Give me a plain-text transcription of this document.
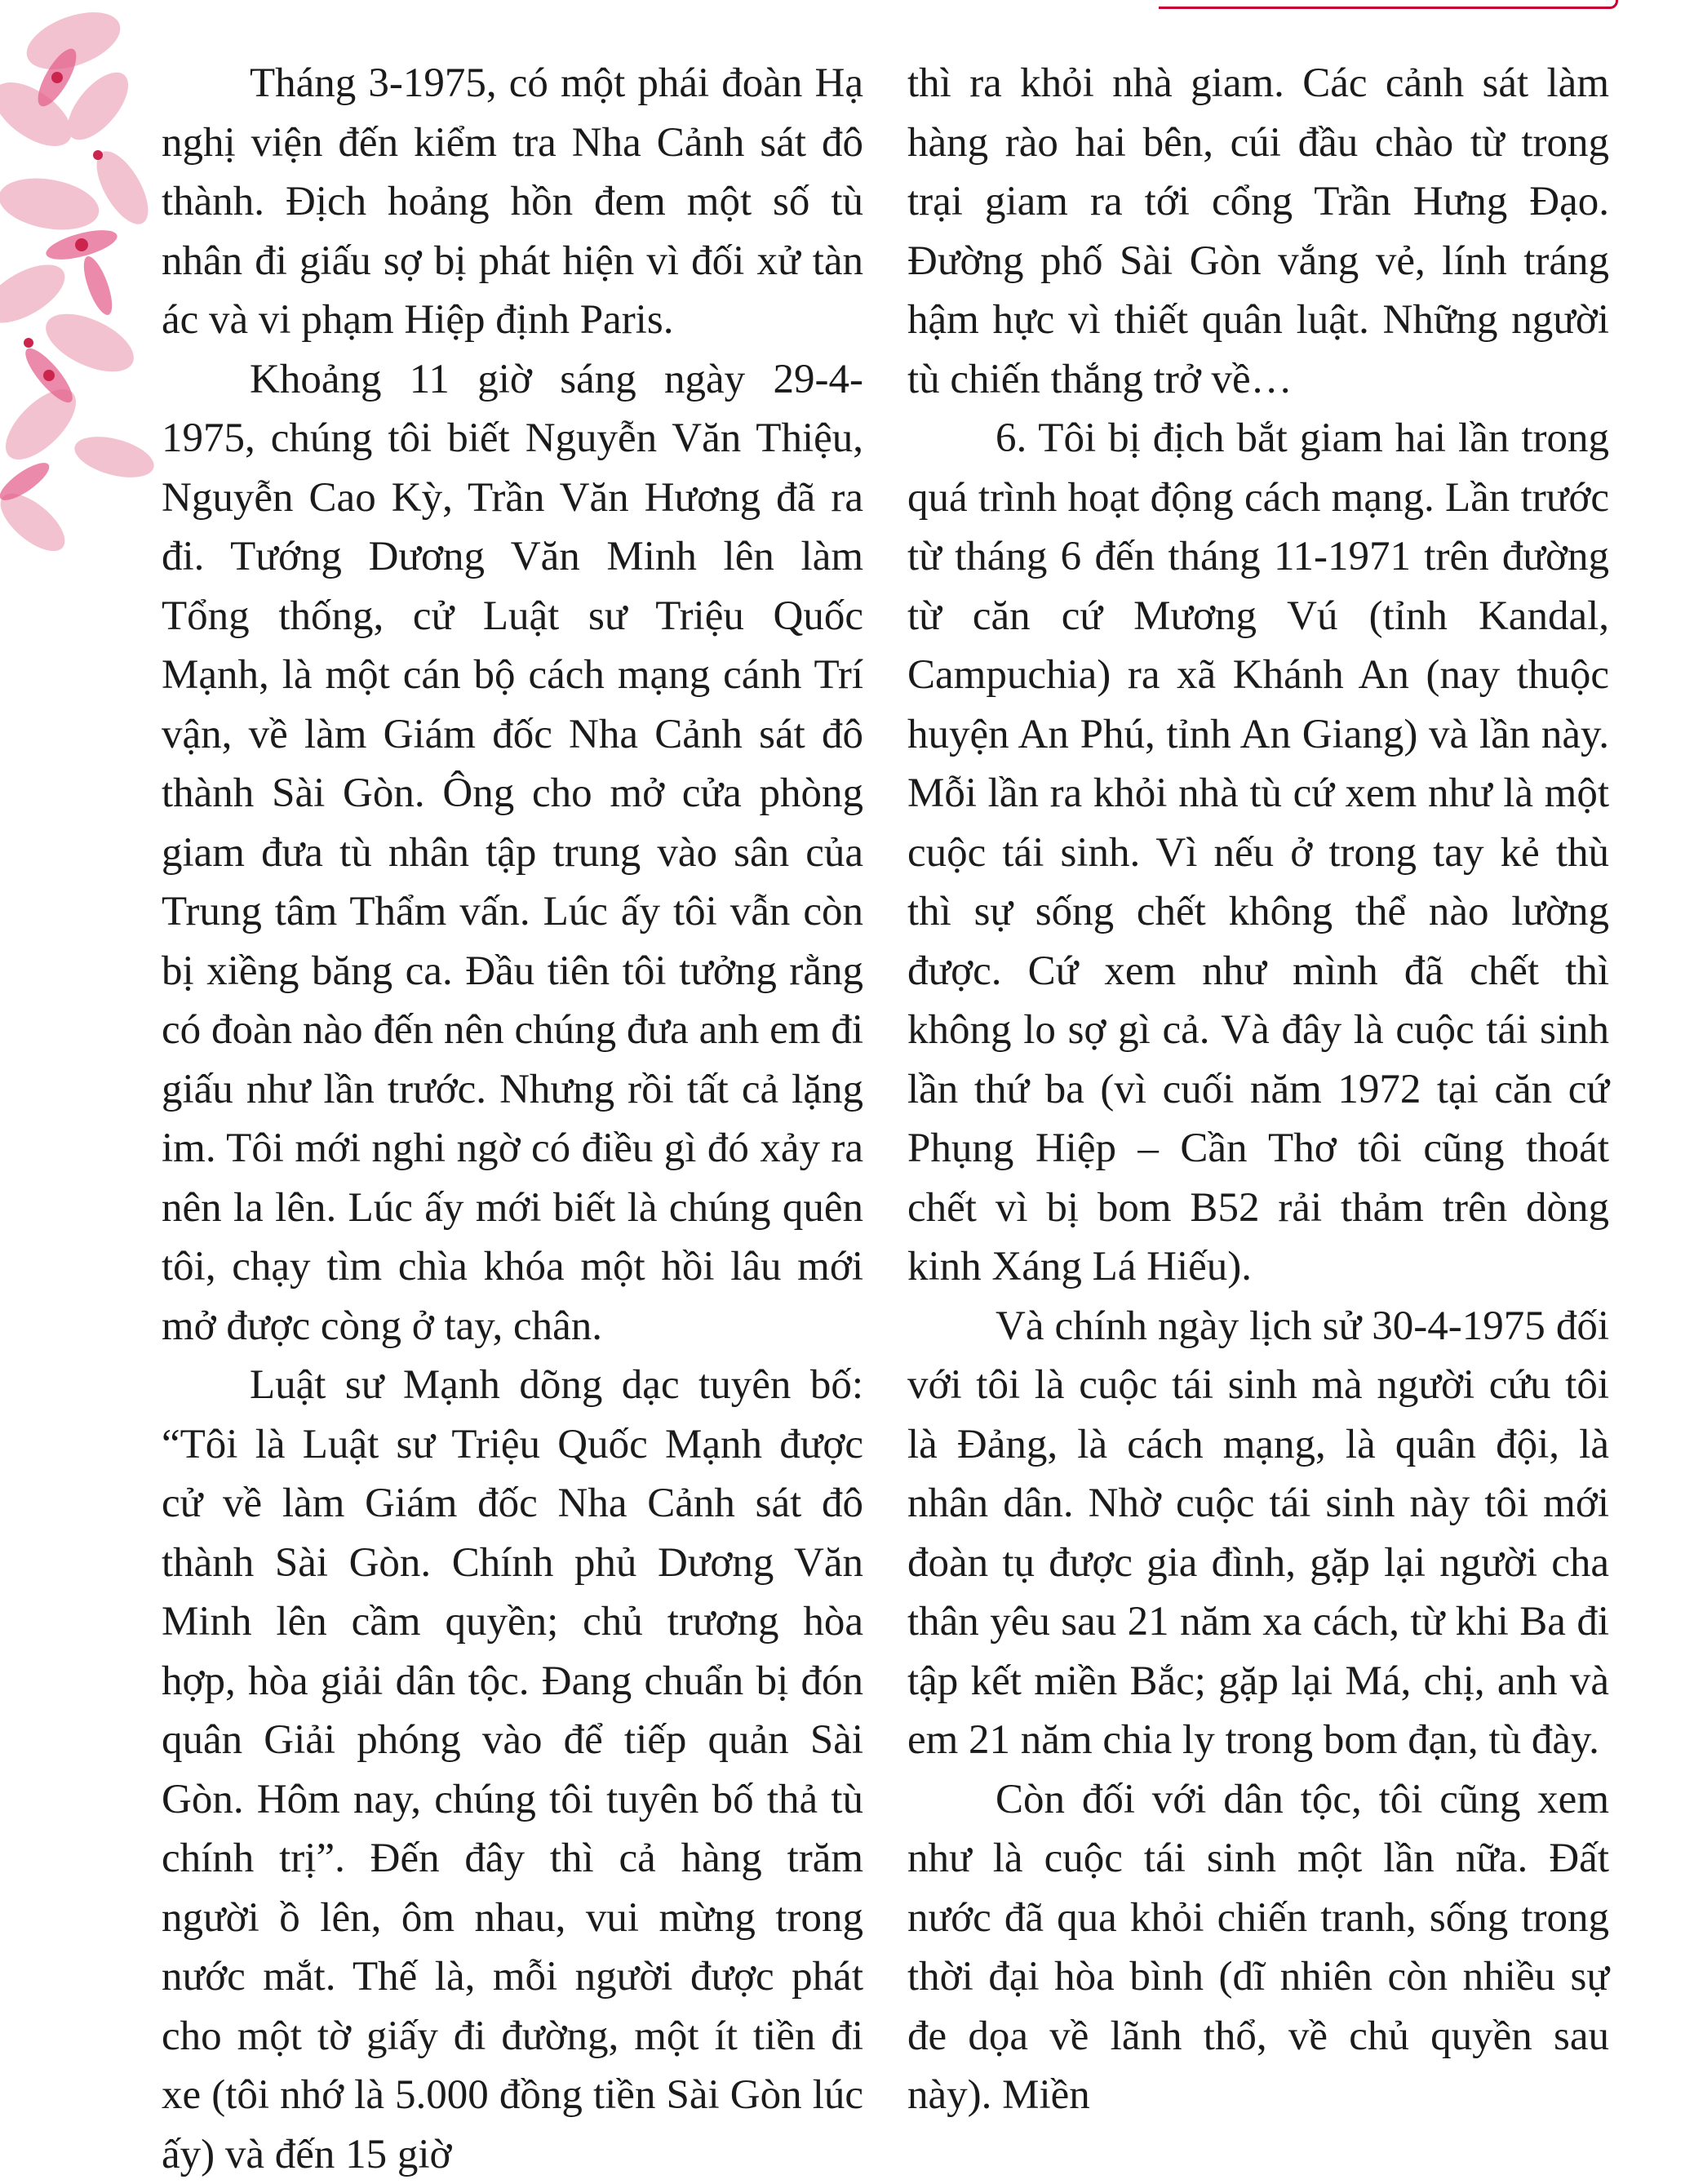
Tháng 3-1975, có một phái đoàn Hạ nghị viện đến kiểm tra Nha Cảnh sát đô thành. Địch hoảng hồn đem một số tù nhân đi giấu sợ bị phát hiện vì đối xử tàn ác và vi phạm Hiệp định Paris.

Khoảng 11 giờ sáng ngày 29-4-1975, chúng tôi biết Nguyễn Văn Thiệu, Nguyễn Cao Kỳ, Trần Văn Hương đã ra đi. Tướng Dương Văn Minh lên làm Tổng thống, cử Luật sư Triệu Quốc Mạnh, là một cán bộ cách mạng cánh Trí vận, về làm Giám đốc Nha Cảnh sát đô thành Sài Gòn. Ông cho mở cửa phòng giam đưa tù nhân tập trung vào sân của Trung tâm Thẩm vấn. Lúc ấy tôi vẫn còn bị xiềng băng ca. Đầu tiên tôi tưởng rằng có đoàn nào đến nên chúng đưa anh em đi giấu như lần trước. Nhưng rồi tất cả lặng im. Tôi mới nghi ngờ có điều gì đó xảy ra nên la lên. Lúc ấy mới biết là chúng quên tôi, chạy tìm chìa khóa một hồi lâu mới mở được còng ở tay, chân.

Luật sư Mạnh dõng dạc tuyên bố: “Tôi là Luật sư Triệu Quốc Mạnh được cử về làm Giám đốc Nha Cảnh sát đô thành Sài Gòn. Chính phủ Dương Văn Minh lên cầm quyền; chủ trương hòa hợp, hòa giải dân tộc. Đang chuẩn bị đón quân Giải phóng vào để tiếp quản Sài Gòn. Hôm nay, chúng tôi tuyên bố thả tù chính trị”. Đến đây thì cả hàng trăm người ồ lên, ôm nhau, vui mừng trong nước mắt. Thế là, mỗi người được phát cho một tờ giấy đi đường, một ít tiền đi xe (tôi nhớ là 5.000 đồng tiền Sài Gòn lúc ấy) và đến 15 giờ

thì ra khỏi nhà giam. Các cảnh sát làm hàng rào hai bên, cúi đầu chào từ trong trại giam ra tới cổng Trần Hưng Đạo. Đường phố Sài Gòn vắng vẻ, lính tráng hậm hực vì thiết quân luật. Những người tù chiến thắng trở về…

6. Tôi bị địch bắt giam hai lần trong quá trình hoạt động cách mạng. Lần trước từ tháng 6 đến tháng 11-1971 trên đường từ căn cứ Mương Vú (tỉnh Kandal, Campuchia) ra xã Khánh An (nay thuộc huyện An Phú, tỉnh An Giang) và lần này. Mỗi lần ra khỏi nhà tù cứ xem như là một cuộc tái sinh. Vì nếu ở trong tay kẻ thù thì sự sống chết không thể nào lường được. Cứ xem như mình đã chết thì không lo sợ gì cả. Và đây là cuộc tái sinh lần thứ ba (vì cuối năm 1972 tại căn cứ Phụng Hiệp – Cần Thơ tôi cũng thoát chết vì bị bom B52 rải thảm trên dòng kinh Xáng Lá Hiếu).

Và chính ngày lịch sử 30-4-1975 đối với tôi là cuộc tái sinh mà người cứu tôi là Đảng, là cách mạng, là quân đội, là nhân dân. Nhờ cuộc tái sinh này tôi mới đoàn tụ được gia đình, gặp lại người cha thân yêu sau 21 năm xa cách, từ khi Ba đi tập kết miền Bắc; gặp lại Má, chị, anh và em 21 năm chia ly trong bom đạn, tù đày.

Còn đối với dân tộc, tôi cũng xem như là cuộc tái sinh một lần nữa. Đất nước đã qua khỏi chiến tranh, sống trong thời đại hòa bình (dĩ nhiên còn nhiều sự đe dọa về lãnh thổ, về chủ quyền sau này). Miền
